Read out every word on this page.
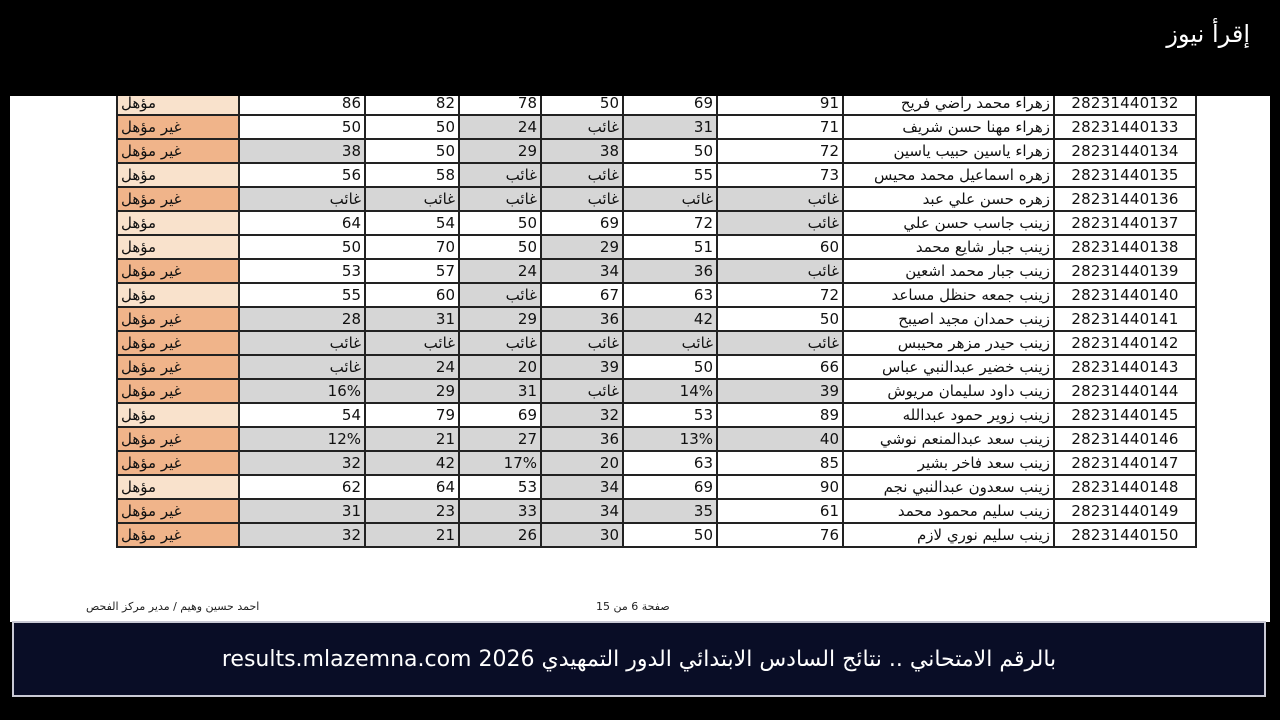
إقرأ نيوز
مؤهل	86	82	78	50	69	91	زهراء محمد راضي فريح	28231440132
غير مؤهل	50	50	24	غائب	31	71	زهراء مهنا حسن شريف	28231440133
غير مؤهل	38	50	29	38	50	72	زهراء ياسين حبيب ياسين	28231440134
مؤهل	56	58	غائب	غائب	55	73	زهره اسماعيل محمد محيس	28231440135
غير مؤهل	غائب	غائب	غائب	غائب	غائب	غائب	زهره حسن علي عبد	28231440136
مؤهل	64	54	50	69	72	غائب	زينب جاسب حسن علي	28231440137
مؤهل	50	70	50	29	51	60	زينب جبار شايع محمد	28231440138
غير مؤهل	53	57	24	34	36	غائب	زينب جبار محمد اشعين	28231440139
مؤهل	55	60	غائب	67	63	72	زينب جمعه حنظل مساعد	28231440140
غير مؤهل	28	31	29	36	42	50	زينب حمدان مجيد اصيبح	28231440141
غير مؤهل	غائب	غائب	غائب	غائب	غائب	غائب	زينب حيدر مزهر محيبس	28231440142
غير مؤهل	غائب	24	20	39	50	66	زينب خضير عبدالنبي عباس	28231440143
غير مؤهل	16%	29	31	غائب	14%	39	زينب داود سليمان مريوش	28231440144
مؤهل	54	79	69	32	53	89	زينب زوير حمود عبدالله	28231440145
غير مؤهل	12%	21	27	36	13%	40	زينب سعد عبدالمنعم نوشي	28231440146
غير مؤهل	32	42	17%	20	63	85	زينب سعد فاخر بشير	28231440147
مؤهل	62	64	53	34	69	90	زينب سعدون عبدالنبي نجم	28231440148
غير مؤهل	31	23	33	34	35	61	زينب سليم محمود محمد	28231440149
غير مؤهل	32	21	26	30	50	76	زينب سليم نوري لازم	28231440150
احمد حسين وهيم / مدير مركز الفحص	صفحة 6 من 15
بالرقم الامتحاني .. نتائج السادس الابتدائي الدور التمهيدي 2026 results.mlazemna.com
